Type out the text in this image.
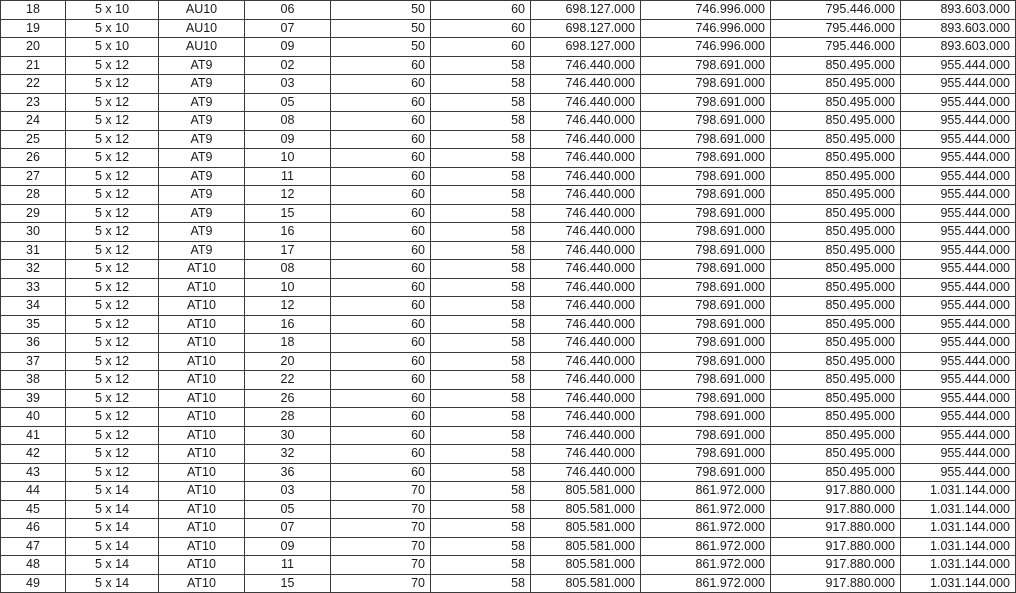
18	5 x 10	AU10	06	50	60	698.127.000	746.996.000	795.446.000	893.603.000
19	5 x 10	AU10	07	50	60	698.127.000	746.996.000	795.446.000	893.603.000
20	5 x 10	AU10	09	50	60	698.127.000	746.996.000	795.446.000	893.603.000
21	5 x 12	AT9	02	60	58	746.440.000	798.691.000	850.495.000	955.444.000
22	5 x 12	AT9	03	60	58	746.440.000	798.691.000	850.495.000	955.444.000
23	5 x 12	AT9	05	60	58	746.440.000	798.691.000	850.495.000	955.444.000
24	5 x 12	AT9	08	60	58	746.440.000	798.691.000	850.495.000	955.444.000
25	5 x 12	AT9	09	60	58	746.440.000	798.691.000	850.495.000	955.444.000
26	5 x 12	AT9	10	60	58	746.440.000	798.691.000	850.495.000	955.444.000
27	5 x 12	AT9	11	60	58	746.440.000	798.691.000	850.495.000	955.444.000
28	5 x 12	AT9	12	60	58	746.440.000	798.691.000	850.495.000	955.444.000
29	5 x 12	AT9	15	60	58	746.440.000	798.691.000	850.495.000	955.444.000
30	5 x 12	AT9	16	60	58	746.440.000	798.691.000	850.495.000	955.444.000
31	5 x 12	AT9	17	60	58	746.440.000	798.691.000	850.495.000	955.444.000
32	5 x 12	AT10	08	60	58	746.440.000	798.691.000	850.495.000	955.444.000
33	5 x 12	AT10	10	60	58	746.440.000	798.691.000	850.495.000	955.444.000
34	5 x 12	AT10	12	60	58	746.440.000	798.691.000	850.495.000	955.444.000
35	5 x 12	AT10	16	60	58	746.440.000	798.691.000	850.495.000	955.444.000
36	5 x 12	AT10	18	60	58	746.440.000	798.691.000	850.495.000	955.444.000
37	5 x 12	AT10	20	60	58	746.440.000	798.691.000	850.495.000	955.444.000
38	5 x 12	AT10	22	60	58	746.440.000	798.691.000	850.495.000	955.444.000
39	5 x 12	AT10	26	60	58	746.440.000	798.691.000	850.495.000	955.444.000
40	5 x 12	AT10	28	60	58	746.440.000	798.691.000	850.495.000	955.444.000
41	5 x 12	AT10	30	60	58	746.440.000	798.691.000	850.495.000	955.444.000
42	5 x 12	AT10	32	60	58	746.440.000	798.691.000	850.495.000	955.444.000
43	5 x 12	AT10	36	60	58	746.440.000	798.691.000	850.495.000	955.444.000
44	5 x 14	AT10	03	70	58	805.581.000	861.972.000	917.880.000	1.031.144.000
45	5 x 14	AT10	05	70	58	805.581.000	861.972.000	917.880.000	1.031.144.000
46	5 x 14	AT10	07	70	58	805.581.000	861.972.000	917.880.000	1.031.144.000
47	5 x 14	AT10	09	70	58	805.581.000	861.972.000	917.880.000	1.031.144.000
48	5 x 14	AT10	11	70	58	805.581.000	861.972.000	917.880.000	1.031.144.000
49	5 x 14	AT10	15	70	58	805.581.000	861.972.000	917.880.000	1.031.144.000
